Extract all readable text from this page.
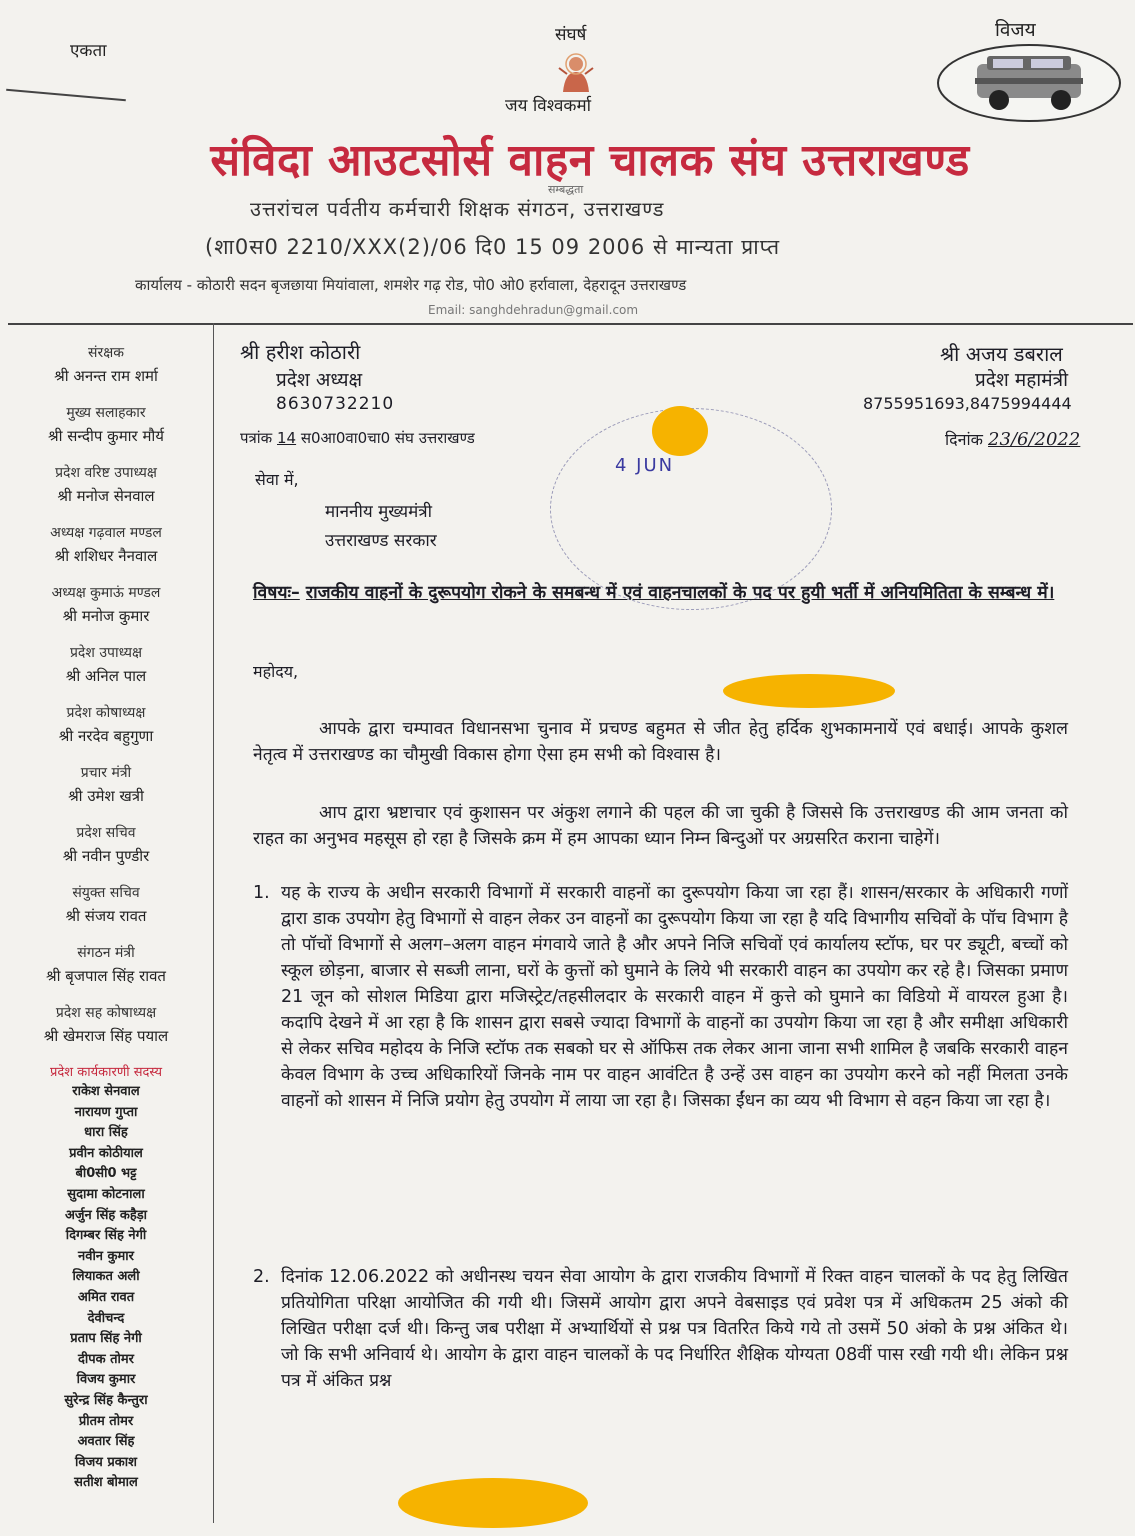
एकता
संघर्ष	विजय
जय विश्वकर्मा
संविदा आउटसोर्स वाहन चालक संघ उत्तराखण्ड
सम्बद्धता
उत्तरांचल पर्वतीय कर्मचारी शिक्षक संगठन, उत्तराखण्ड
(शा0स0 2210/XXX(2)/06 दि0 15 09 2006 से मान्यता प्राप्त
कार्यालय - कोठारी सदन बृजछाया मियांवाला, शमशेर गढ़ रोड, पो0 ओ0 हर्रावाला, देहरादून उत्तराखण्ड
Email: sanghdehradun@gmail.com
संरक्षक
श्री अनन्त राम शर्मा
मुख्य सलाहकार
श्री सन्दीप कुमार मौर्य
प्रदेश वरिष्ट उपाध्यक्ष
श्री मनोज सेनवाल
अध्यक्ष गढ़वाल मण्डल
श्री शशिधर नैनवाल
अध्यक्ष कुमाऊं मण्डल
श्री मनोज कुमार
प्रदेश उपाध्यक्ष
श्री अनिल पाल
प्रदेश कोषाध्यक्ष
श्री नरदेव बहुगुणा
प्रचार मंत्री
श्री उमेश खत्री
प्रदेश सचिव
श्री नवीन पुण्डीर
संयुक्त सचिव
श्री संजय रावत
संगठन मंत्री
श्री बृजपाल सिंह रावत
प्रदेश सह कोषाध्यक्ष
श्री खेमराज सिंह पयाल
प्रदेश कार्यकारणी सदस्य
राकेश सेनवाल
नारायण गुप्ता
धारा सिंह
प्रवीन कोठीयाल
बी0सी0 भट्ट
सुदामा कोटनाला
अर्जुन सिंह कहैड़ा
दिगम्बर सिंह नेगी
नवीन कुमार
लियाकत अली
अमित रावत
देवीचन्द
प्रताप सिंह नेगी
दीपक तोमर
विजय कुमार
सुरेन्द्र सिंह कैन्तुरा
प्रीतम तोमर
अवतार सिंह
विजय प्रकाश
सतीश बोमाल
श्री हरीश कोठारी
प्रदेश अध्यक्ष
8630732210
श्री अजय डबराल
प्रदेश महामंत्री
8755951693,8475994444
4 JUN
पत्रांक 14 स0आ0वा0चा0 संघ उत्तराखण्ड	दिनांक 23/6/2022
सेवा में,
माननीय मुख्यमंत्री
उत्तराखण्ड सरकार
विषयः– राजकीय वाहनों के दुरूपयोग रोकने के समबन्ध में एवं वाहनचालकों के पद पर हुयी भर्ती में अनियमितिता के सम्बन्ध में।
महोदय,
आपके द्वारा चम्पावत विधानसभा चुनाव में प्रचण्ड बहुमत से जीत हेतु हर्दिक शुभकामनायें एवं बधाई। आपके कुशल नेतृत्व में उत्तराखण्ड का चौमुखी विकास होगा ऐसा हम सभी को विश्वास है।
आप द्वारा भ्रष्टाचार एवं कुशासन पर अंकुश लगाने की पहल की जा चुकी है जिससे कि उत्तराखण्ड की आम जनता को राहत का अनुभव महसूस हो रहा है जिसके क्रम में हम आपका ध्यान निम्न बिन्दुओं पर अग्रसरित कराना चाहेगें।
1. यह के राज्य के अधीन सरकारी विभागों में सरकारी वाहनों का दुरूपयोग किया जा रहा हैं। शासन/सरकार के अधिकारी गणों द्वारा डाक उपयोग हेतु विभागों से वाहन लेकर उन वाहनों का दुरूपयोग किया जा रहा है यदि विभागीय सचिवों के पॉच विभाग है तो पॉचों विभागों से अलग–अलग वाहन मंगवाये जाते है और अपने निजि सचिवों एवं कार्यालय स्टॉफ, घर पर ड्यूटी, बच्चों को स्कूल छोड़ना, बाजार से सब्जी लाना, घरों के कुत्तों को घुमाने के लिये भी सरकारी वाहन का उपयोग कर रहे है। जिसका प्रमाण 21 जून को सोशल मिडिया द्वारा मजिस्ट्रेट/तहसीलदार के सरकारी वाहन में कुत्ते को घुमाने का विडियो में वायरल हुआ है। कदापि देखने में आ रहा है कि शासन द्वारा सबसे ज्यादा विभागों के वाहनों का उपयोग किया जा रहा है और समीक्षा अधिकारी से लेकर सचिव महोदय के निजि स्टॉफ तक सबको घर से ऑफिस तक लेकर आना जाना सभी शामिल है जबकि सरकारी वाहन केवल विभाग के उच्च अधिकारियों जिनके नाम पर वाहन आवंटित है उन्हें उस वाहन का उपयोग करने को नहीं मिलता उनके वाहनों को शासन में निजि प्रयोग हेतु उपयोग में लाया जा रहा है। जिसका ईंधन का व्यय भी विभाग से वहन किया जा रहा है।
2. दिनांक 12.06.2022 को अधीनस्थ चयन सेवा आयोग के द्वारा राजकीय विभागों में रिक्त वाहन चालकों के पद हेतु लिखित प्रतियोगिता परिक्षा आयोजित की गयी थी। जिसमें आयोग द्वारा अपने वेबसाइड एवं प्रवेश पत्र में अधिकतम 25 अंको की लिखित परीक्षा दर्ज थी। किन्तु जब परीक्षा में अभ्यार्थियों से प्रश्न पत्र वितरित किये गये तो उसमें 50 अंको के प्रश्न अंकित थे। जो कि सभी अनिवार्य थे। आयोग के द्वारा वाहन चालकों के पद निर्धारित शैक्षिक योग्यता 08वीं पास रखी गयी थी। लेकिन प्रश्न पत्र में अंकित प्रश्न
